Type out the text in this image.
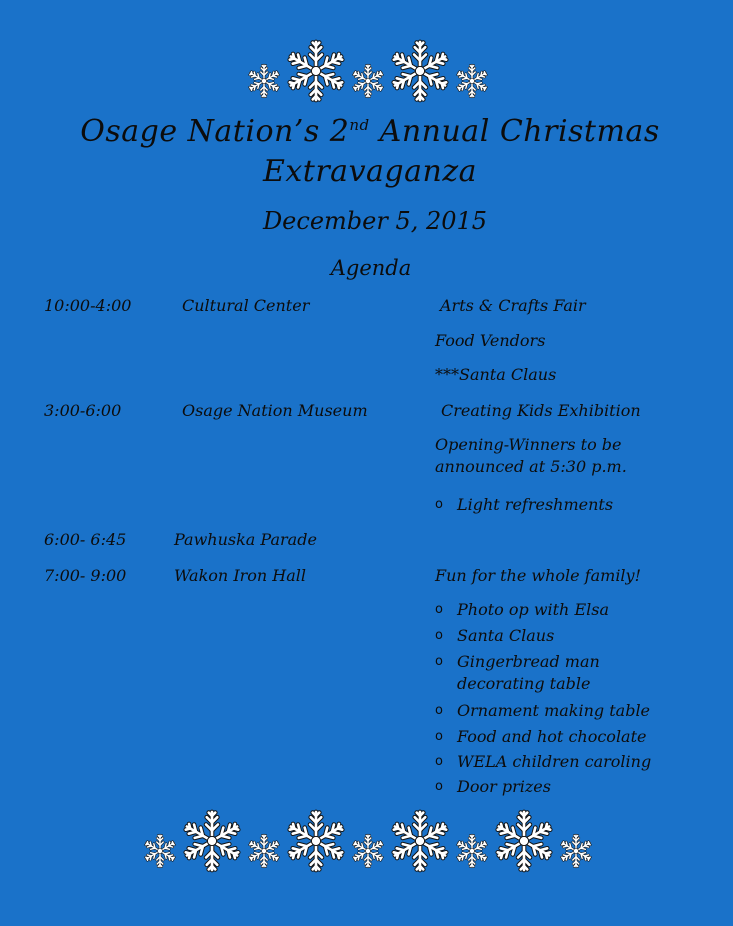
Osage Nation’s 2nd Annual Christmas
Extravaganza
December 5, 2015
Agenda
10:00-4:00	Cultural Center	Arts & Crafts Fair
Food Vendors
***Santa Claus
3:00-6:00	Osage Nation Museum	Creating Kids Exhibition
Opening-Winners to be announced at 5:30 p.m.
o Light refreshments
6:00- 6:45	Pawhuska Parade
7:00- 9:00	Wakon Iron Hall	Fun for the whole family!
o Photo op with Elsa
o Santa Claus
o Gingerbread man decorating table
o Ornament making table
o Food and hot chocolate
o WELA children caroling
o Door prizes
